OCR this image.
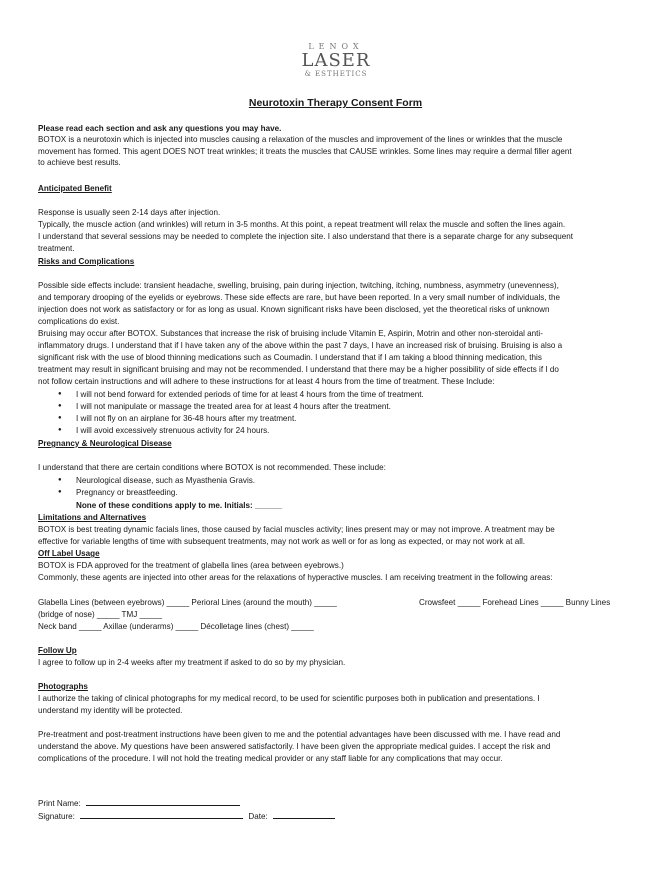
LENOX
LASER
& ESTHETICS
Neurotoxin Therapy Consent Form
Please read each section and ask any questions you may have.
BOTOX is a neurotoxin which is injected into muscles causing a relaxation of the muscles and improvement of the lines or wrinkles that the muscle
movement has formed. This agent DOES NOT treat wrinkles; it treats the muscles that CAUSE wrinkles. Some lines may require a dermal filler agent
to achieve best results.
Anticipated Benefit
Response is usually seen 2-14 days after injection.
Typically, the muscle action (and wrinkles) will return in 3-5 months. At this point, a repeat treatment will relax the muscle and soften the lines again.
I understand that several sessions may be needed to complete the injection site. I also understand that there is a separate charge for any subsequent
treatment.
Risks and Complications
Possible side effects include: transient headache, swelling, bruising, pain during injection, twitching, itching, numbness, asymmetry (unevenness),
and temporary drooping of the eyelids or eyebrows. These side effects are rare, but have been reported. In a very small number of individuals, the
injection does not work as satisfactory or for as long as usual. Known significant risks have been disclosed, yet the theoretical risks of unknown
complications do exist.
Bruising may occur after BOTOX. Substances that increase the risk of bruising include Vitamin E, Aspirin, Motrin and other non-steroidal anti-
inflammatory drugs. I understand that if I have taken any of the above within the past 7 days, I have an increased risk of bruising. Bruising is also a
significant risk with the use of blood thinning medications such as Coumadin. I understand that if I am taking a blood thinning medication, this
treatment may result in significant bruising and may not be recommended. I understand that there may be a higher possibility of side effects if I do
not follow certain instructions and will adhere to these instructions for at least 4 hours from the time of treatment. These Include:
● I will not bend forward for extended periods of time for at least 4 hours from the time of treatment.
● I will not manipulate or massage the treated area for at least 4 hours after the treatment.
● I will not fly on an airplane for 36-48 hours after my treatment.
● I will avoid excessively strenuous activity for 24 hours.
Pregnancy & Neurological Disease
I understand that there are certain conditions where BOTOX is not recommended. These include:
● Neurological disease, such as Myasthenia Gravis.
● Pregnancy or breastfeeding.
None of these conditions apply to me. Initials: ______
Limitations and Alternatives
BOTOX is best treating dynamic facials lines, those caused by facial muscles activity; lines present may or may not improve. A treatment may be
effective for variable lengths of time with subsequent treatments, may not work as well or for as long as expected, or may not work at all.
Off Label Usage
BOTOX is FDA approved for the treatment of glabella lines (area between eyebrows.)
Commonly, these agents are injected into other areas for the relaxations of hyperactive muscles. I am receiving treatment in the following areas:
Glabella Lines (between eyebrows) _____ Perioral Lines (around the mouth) _____	Crowsfeet _____ Forehead Lines _____ Bunny Lines
(bridge of nose) _____ TMJ _____
Neck band _____ Axillae (underarms) _____ Décolletage lines (chest) _____
Follow Up
I agree to follow up in 2-4 weeks after my treatment if asked to do so by my physician.
Photographs
I authorize the taking of clinical photographs for my medical record, to be used for scientific purposes both in publication and presentations. I
understand my identity will be protected.
Pre-treatment and post-treatment instructions have been given to me and the potential advantages have been discussed with me. I have read and
understand the above. My questions have been answered satisfactorily. I have been given the appropriate medical guides. I accept the risk and
complications of the procedure. I will not hold the treating medical provider or any staff liable for any complications that may occur.
Print Name:
Signature:	Date:
